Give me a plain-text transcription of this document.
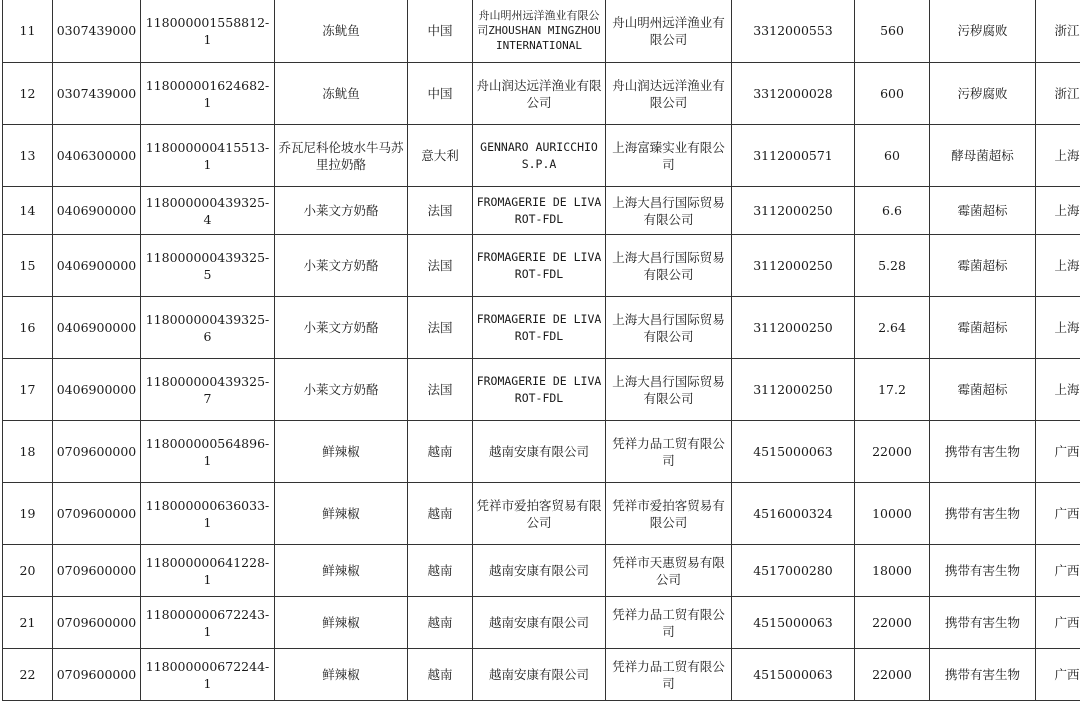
11	0307439000	118000001558812-1	冻鱿鱼	中国	舟山明州远洋渔业有限公司ZHOUSHAN MINGZHOU INTERNATIONAL	舟山明州远洋渔业有限公司	3312000553	560	污秽腐败	浙江
12	0307439000	118000001624682-1	冻鱿鱼	中国	舟山润达远洋渔业有限公司	舟山润达远洋渔业有限公司	3312000028	600	污秽腐败	浙江
13	0406300000	118000000415513-1	乔瓦尼科伦坡水牛马苏里拉奶酪	意大利	GENNARO AURICCHIO S.P.A	上海富臻实业有限公司	3112000571	60	酵母菌超标	上海
14	0406900000	118000000439325-4	小莱文方奶酪	法国	FROMAGERIE DE LIVAROT-FDL	上海大昌行国际贸易有限公司	3112000250	6.6	霉菌超标	上海
15	0406900000	118000000439325-5	小莱文方奶酪	法国	FROMAGERIE DE LIVAROT-FDL	上海大昌行国际贸易有限公司	3112000250	5.28	霉菌超标	上海
16	0406900000	118000000439325-6	小莱文方奶酪	法国	FROMAGERIE DE LIVAROT-FDL	上海大昌行国际贸易有限公司	3112000250	2.64	霉菌超标	上海
17	0406900000	118000000439325-7	小莱文方奶酪	法国	FROMAGERIE DE LIVAROT-FDL	上海大昌行国际贸易有限公司	3112000250	17.2	霉菌超标	上海
18	0709600000	118000000564896-1	鲜辣椒	越南	越南安康有限公司	凭祥力品工贸有限公司	4515000063	22000	携带有害生物	广西
19	0709600000	118000000636033-1	鲜辣椒	越南	凭祥市爱拍客贸易有限公司	凭祥市爱拍客贸易有限公司	4516000324	10000	携带有害生物	广西
20	0709600000	118000000641228-1	鲜辣椒	越南	越南安康有限公司	凭祥市天惠贸易有限公司	4517000280	18000	携带有害生物	广西
21	0709600000	118000000672243-1	鲜辣椒	越南	越南安康有限公司	凭祥力品工贸有限公司	4515000063	22000	携带有害生物	广西
22	0709600000	118000000672244-1	鲜辣椒	越南	越南安康有限公司	凭祥力品工贸有限公司	4515000063	22000	携带有害生物	广西
